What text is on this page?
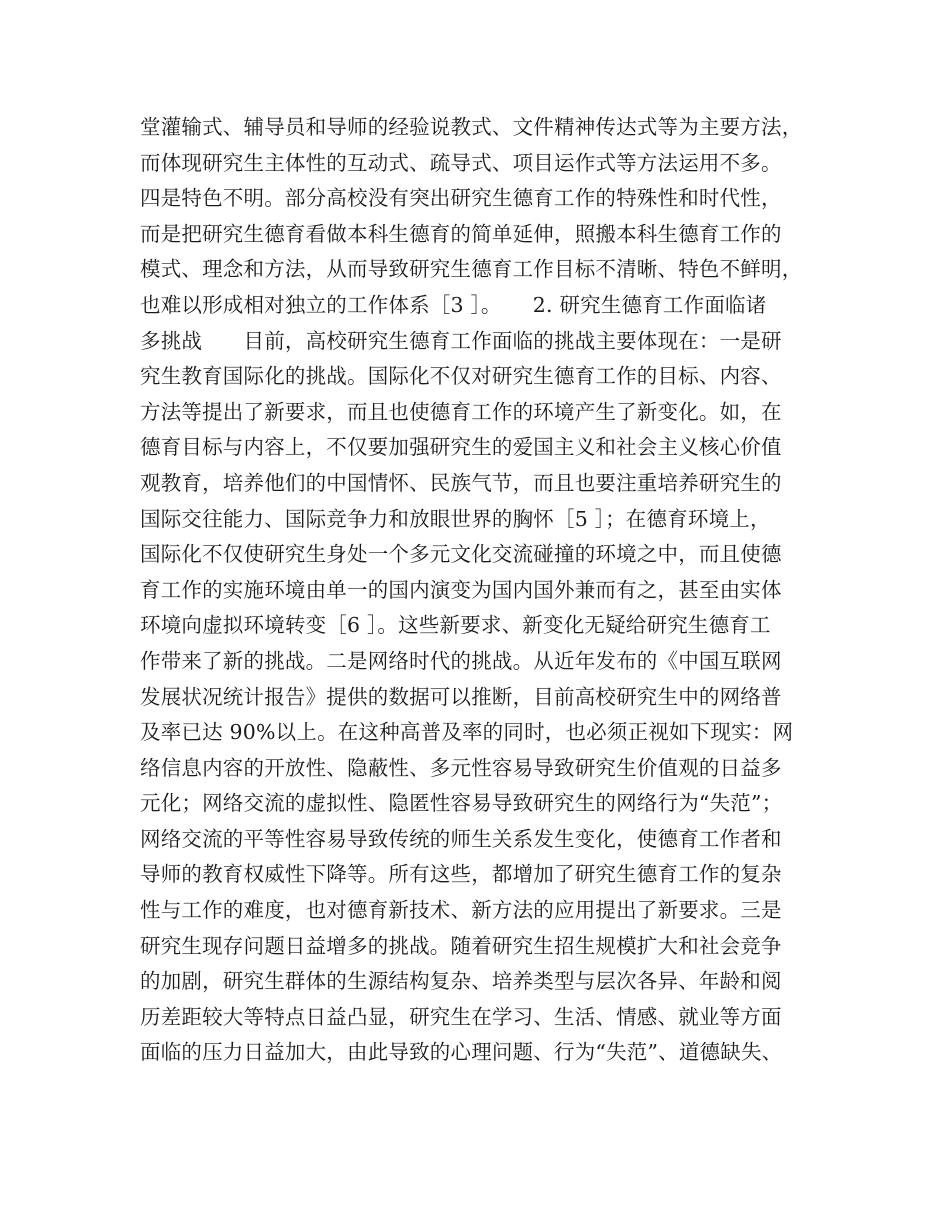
堂灌输式、辅导员和导师的经验说教式、文件精神传达式等为主要方法，
而体现研究生主体性的互动式、疏导式、项目运作式等方法运用不多。
四是特色不明。部分高校没有突出研究生德育工作的特殊性和时代性，
而是把研究生德育看做本科生德育的简单延伸，照搬本科生德育工作的
模式、理念和方法，从而导致研究生德育工作目标不清晰、特色不鲜明，
也难以形成相对独立的工作体系［3 ］。　　2. 研究生德育工作面临诸
多挑战　　目前，高校研究生德育工作面临的挑战主要体现在：一是研
究生教育国际化的挑战。国际化不仅对研究生德育工作的目标、内容、
方法等提出了新要求，而且也使德育工作的环境产生了新变化。如，在
德育目标与内容上，不仅要加强研究生的爱国主义和社会主义核心价值
观教育，培养他们的中国情怀、民族气节，而且也要注重培养研究生的
国际交往能力、国际竞争力和放眼世界的胸怀［5 ］；在德育环境上，
国际化不仅使研究生身处一个多元文化交流碰撞的环境之中，而且使德
育工作的实施环境由单一的国内演变为国内国外兼而有之，甚至由实体
环境向虚拟环境转变［6 ］。这些新要求、新变化无疑给研究生德育工
作带来了新的挑战。二是网络时代的挑战。从近年发布的《中国互联网
发展状况统计报告》提供的数据可以推断，目前高校研究生中的网络普
及率已达 90%以上。在这种高普及率的同时，也必须正视如下现实：网
络信息内容的开放性、隐蔽性、多元性容易导致研究生价值观的日益多
元化；网络交流的虚拟性、隐匿性容易导致研究生的网络行为“失范”；
网络交流的平等性容易导致传统的师生关系发生变化，使德育工作者和
导师的教育权威性下降等。所有这些，都增加了研究生德育工作的复杂
性与工作的难度，也对德育新技术、新方法的应用提出了新要求。三是
研究生现存问题日益增多的挑战。随着研究生招生规模扩大和社会竞争
的加剧，研究生群体的生源结构复杂、培养类型与层次各异、年龄和阅
历差距较大等特点日益凸显，研究生在学习、生活、情感、就业等方面
面临的压力日益加大，由此导致的心理问题、行为“失范”、道德缺失、
